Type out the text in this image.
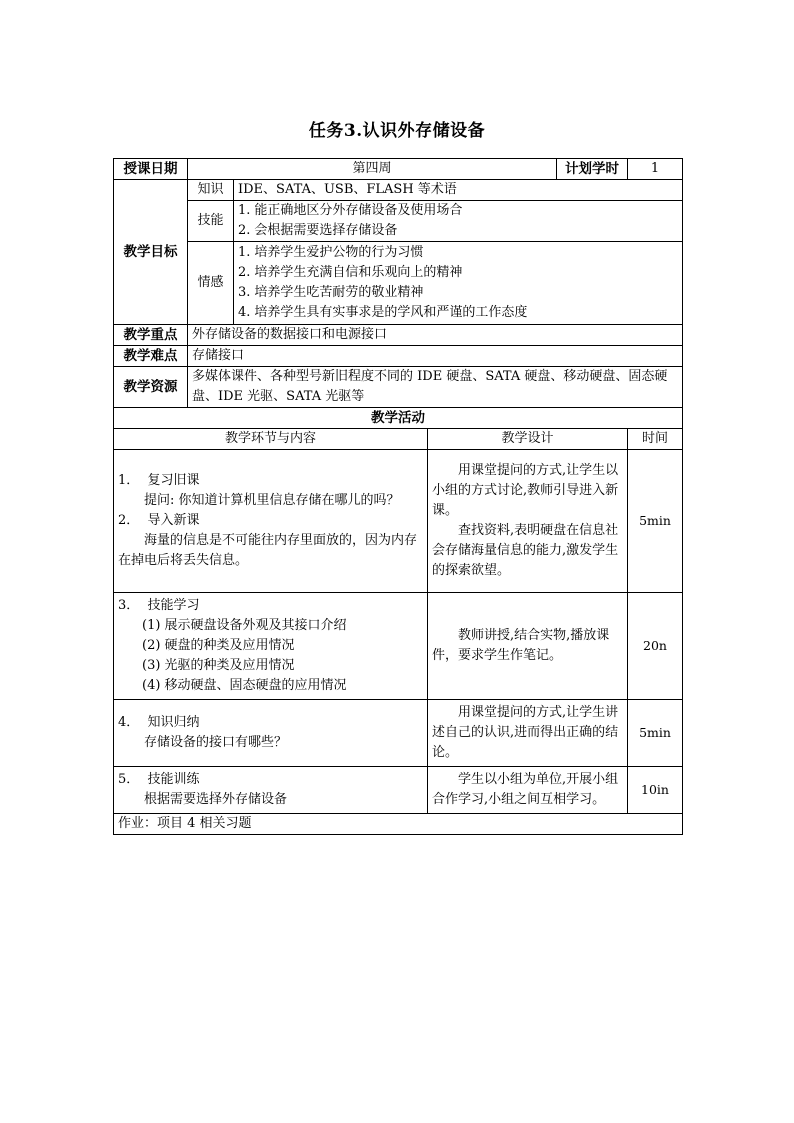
任务3.认识外存储设备
授课日期	第四周			计划学时	1
教学目标	知识	IDE、SATA、USB、FLASH 等术语			
	技能	1. 能正确地区分外存储设备及使用场合
2. 会根据需要选择存储设备			

	情感	1. 培养学生爱护公物的行为习惯
2. 培养学生充满自信和乐观向上的精神
3. 培养学生吃苦耐劳的敬业精神
4. 培养学生具有实事求是的学风和严谨的工作态度			

教学重点	外存储设备的数据接口和电源接口				
教学难点	存储接口				
教学资源	多媒体课件、各种型号新旧程度不同的 IDE 硬盘、SATA 硬盘、移动硬盘、固态硬盘、IDE 光驱、SATA 光驱等				
教学活动					
教学环节与内容			教学设计		时间

1． 复习旧课
提问: 你知道计算机里信息存储在哪儿的吗？
2． 导入新课
海量的信息是不可能往内存里面放的，因为内存在掉电后将丢失信息。			用课堂提问的方式,让学生以小组的方式讨论,教师引导进入新课。
查找资料,表明硬盘在信息社会存储海量信息的能力,激发学生的探索欲望。		5min

3． 技能学习
(1) 展示硬盘设备外观及其接口介绍
(2) 硬盘的种类及应用情况
(3) 光驱的种类及应用情况
(4) 移动硬盘、固态硬盘的应用情况			教师讲授,结合实物,播放课件，要求学生作笔记。		20n

4． 知识归纳
存储设备的接口有哪些？			用课堂提问的方式,让学生讲述自己的认识,进而得出正确的结论。		5min

5． 技能训练
根据需要选择外存储设备			学生以小组为单位,开展小组合作学习,小组之间互相学习。		10in
作业：项目 4 相关习题					
